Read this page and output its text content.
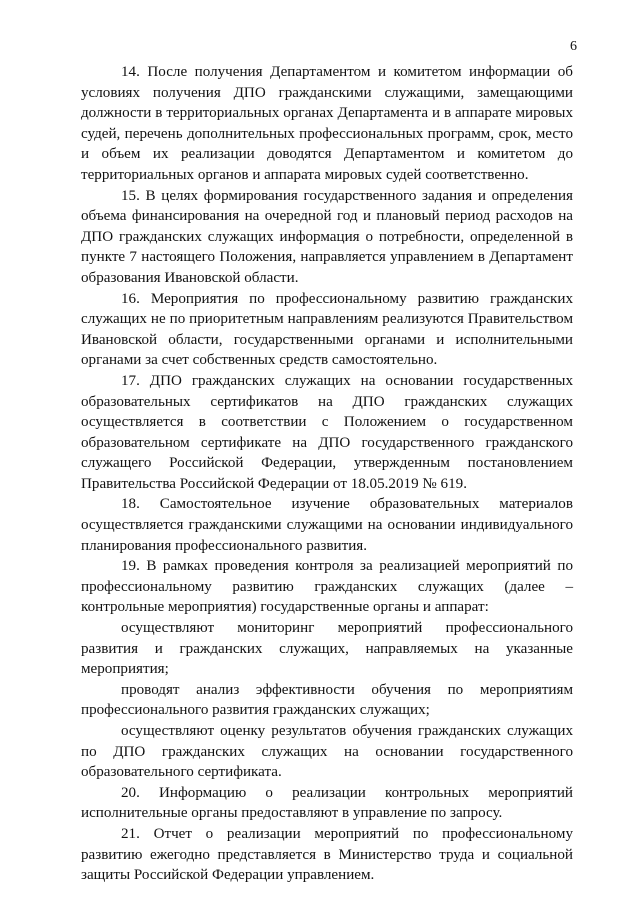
6

14. После получения Департаментом и комитетом информации об условиях получения ДПО гражданскими служащими, замещающими должности в территориальных органах Департамента и в аппарате мировых судей, перечень дополнительных профессиональных программ, срок, место и объем их реализации доводятся Департаментом и комитетом до территориальных органов и аппарата мировых судей соответственно.

15. В целях формирования государственного задания и определения объема финансирования на очередной год и плановый период расходов на ДПО гражданских служащих информация о потребности, определенной в пункте 7 настоящего Положения, направляется управлением в Департамент образования Ивановской области.

16. Мероприятия по профессиональному развитию гражданских служащих не по приоритетным направлениям реализуются Правительством Ивановской области, государственными органами и исполнительными органами за счет собственных средств самостоятельно.

17. ДПО гражданских служащих на основании государственных образовательных сертификатов на ДПО гражданских служащих осуществляется в соответствии с Положением о государственном образовательном сертификате на ДПО государственного гражданского служащего Российской Федерации, утвержденным постановлением Правительства Российской Федерации от 18.05.2019 № 619.

18. Самостоятельное изучение образовательных материалов осуществляется гражданскими служащими на основании индивидуального планирования профессионального развития.

19. В рамках проведения контроля за реализацией мероприятий по профессиональному развитию гражданских служащих (далее – контрольные мероприятия) государственные органы и аппарат:

осуществляют мониторинг мероприятий профессионального развития и гражданских служащих, направляемых на указанные мероприятия;

проводят анализ эффективности обучения по мероприятиям профессионального развития гражданских служащих;

осуществляют оценку результатов обучения гражданских служащих по ДПО гражданских служащих на основании государственного образовательного сертификата.

20. Информацию о реализации контрольных мероприятий исполнительные органы предоставляют в управление по запросу.

21. Отчет о реализации мероприятий по профессиональному развитию ежегодно представляется в Министерство труда и социальной защиты Российской Федерации управлением.
